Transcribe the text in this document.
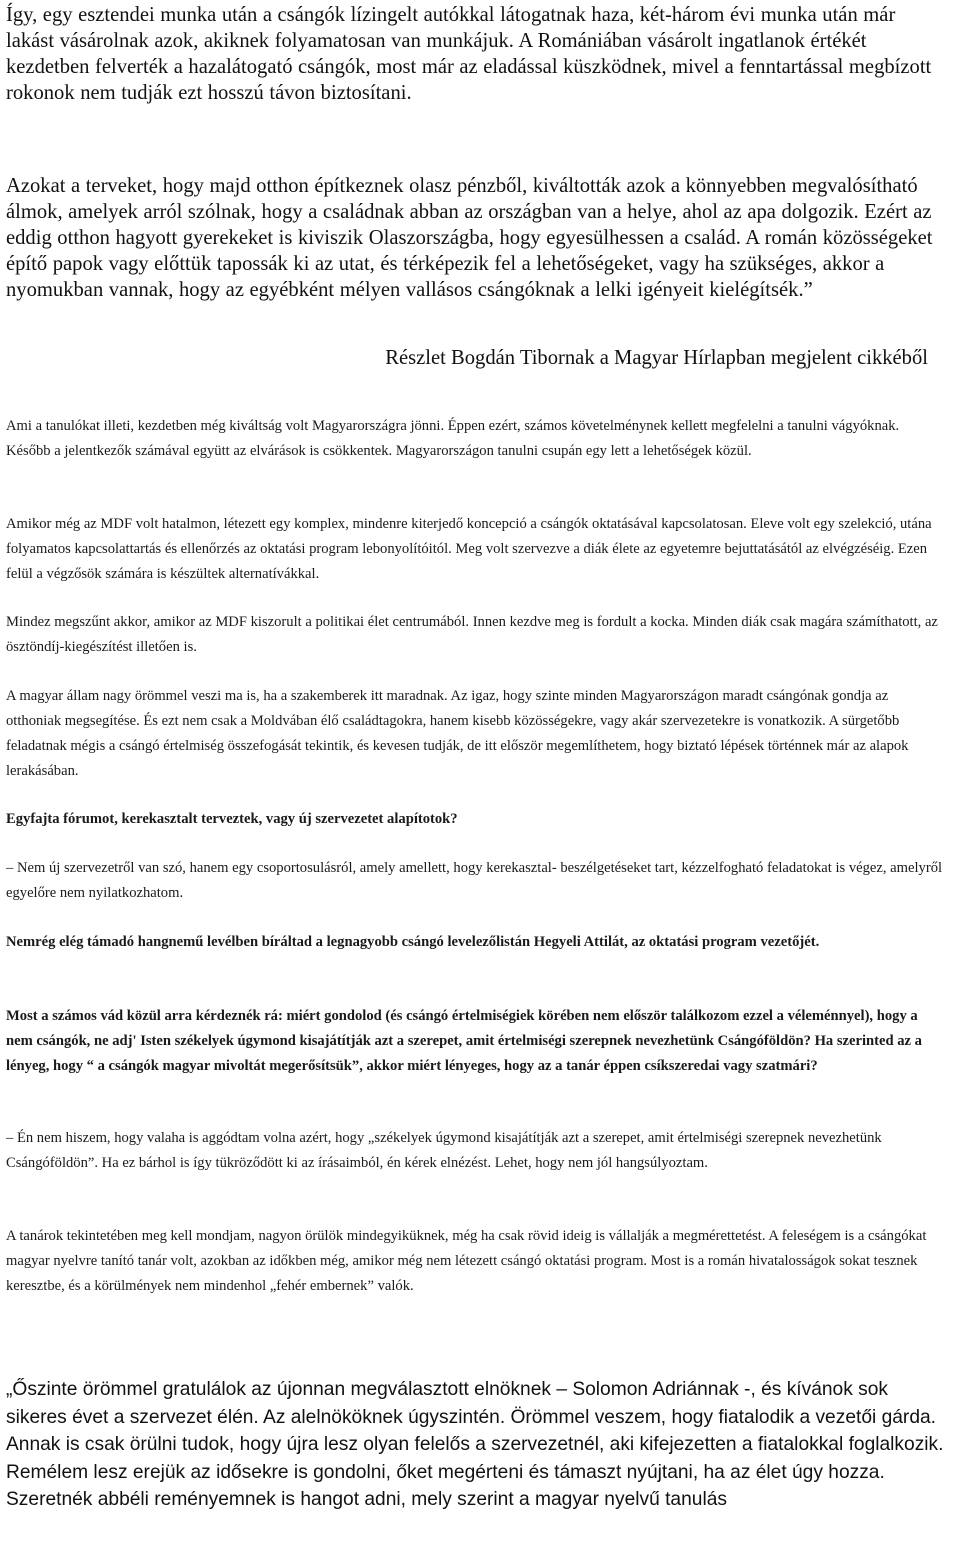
Így, egy esztendei munka után a csángók lízingelt autókkal látogatnak haza, két-három évi munka után már lakást vásárolnak azok, akiknek folyamatosan van munkájuk. A Romániában vásárolt ingatlanok értékét kezdetben felverték a hazalátogató csángók, most már az eladással küszködnek, mivel a fenntartással megbízott rokonok nem tudják ezt hosszú távon biztosítani.

Azokat a terveket, hogy majd otthon építkeznek olasz pénzből, kiváltották azok a könnyebben megvalósítható álmok, amelyek arról szólnak, hogy a családnak abban az országban van a helye, ahol az apa dolgozik. Ezért az eddig otthon hagyott gyerekeket is kiviszik Olaszországba, hogy egyesülhessen a család. A román közösségeket építő papok vagy előttük tapossák ki az utat, és térképezik fel a lehetőségeket, vagy ha szükséges, akkor a nyomukban vannak, hogy az egyébként mélyen vallásos csángóknak a lelki igényeit kielégítsék.”

Részlet Bogdán Tibornak a Magyar Hírlapban megjelent cikkéből

Ami a tanulókat illeti, kezdetben még kiváltság volt Magyarországra jönni. Éppen ezért, számos követelménynek kellett megfelelni a tanulni vágyóknak. Később a jelentkezők számával együtt az elvárások is csökkentek. Magyarországon tanulni csupán egy lett a lehetőségek közül.

Amikor még az MDF volt hatalmon, létezett egy komplex, mindenre kiterjedő koncepció a csángók oktatásával kapcsolatosan. Eleve volt egy szelekció, utána folyamatos kapcsolattartás és ellenőrzés az oktatási program lebonyolítóitól. Meg volt szervezve a diák élete az egyetemre bejuttatásától az elvégzéséig. Ezen felül a végzősök számára is készültek alternatívákkal.

Mindez megszűnt akkor, amikor az MDF kiszorult a politikai élet centrumából. Innen kezdve meg is fordult a kocka. Minden diák csak magára számíthatott, az ösztöndíj-kiegészítést illetően is.

A magyar állam nagy örömmel veszi ma is, ha a szakemberek itt maradnak. Az igaz, hogy szinte minden Magyarországon maradt csángónak gondja az otthoniak megsegítése. És ezt nem csak a Moldvában élő családtagokra, hanem kisebb közösségekre, vagy akár szervezetekre is vonatkozik. A sürgetőbb feladatnak mégis a csángó értelmiség összefogását tekintik, és kevesen tudják, de itt először megemlíthetem, hogy biztató lépések történnek már az alapok lerakásában.

Egyfajta fórumot, kerekasztalt terveztek, vagy új szervezetet alapítotok?

– Nem új szervezetről van szó, hanem egy csoportosulásról, amely amellett, hogy kerekasztal- beszélgetéseket tart, kézzelfogható feladatokat is végez, amelyről egyelőre nem nyilatkozhatom.

Nemrég elég támadó hangnemű levélben bíráltad a legnagyobb csángó levelezőlistán Hegyeli Attilát, az oktatási program vezetőjét.

Most a számos vád közül arra kérdeznék rá: miért gondolod (és csángó értelmiségiek körében nem először találkozom ezzel a véleménnyel), hogy a nem csángók, ne adj' Isten székelyek úgymond kisajátítják azt a szerepet, amit értelmiségi szerepnek nevezhetünk Csángóföldön? Ha szerinted az a lényeg, hogy “ a csángók magyar mivoltát megerősítsük”, akkor miért lényeges, hogy az a tanár éppen csíkszeredai vagy szatmári?

– Én nem hiszem, hogy valaha is aggódtam volna azért, hogy „székelyek úgymond kisajátítják azt a szerepet, amit értelmiségi szerepnek nevezhetünk Csángóföldön”. Ha ez bárhol is így tükröződött ki az írásaimból, én kérek elnézést. Lehet, hogy nem jól hangsúlyoztam.

A tanárok tekintetében meg kell mondjam, nagyon örülök mindegyiküknek, még ha csak rövid ideig is vállalják a megmérettetést. A feleségem is a csángókat magyar nyelvre tanító tanár volt, azokban az időkben még, amikor még nem létezett csángó oktatási program. Most is a román hivatalosságok sokat tesznek keresztbe, és a körülmények nem mindenhol „fehér embernek” valók.

„Őszinte örömmel gratulálok az újonnan megválasztott elnöknek – Solomon Adriánnak -, és kívánok sok sikeres évet a szervezet élén. Az alelnököknek úgyszintén. Örömmel veszem, hogy fiatalodik a vezetői gárda. Annak is csak örülni tudok, hogy újra lesz olyan felelős a szervezetnél, aki kifejezetten a fiatalokkal foglalkozik. Remélem lesz erejük az idősekre is gondolni, őket megérteni és támaszt nyújtani, ha az élet úgy hozza. Szeretnék abbéli reményemnek is hangot adni, mely szerint a magyar nyelvű tanulás
